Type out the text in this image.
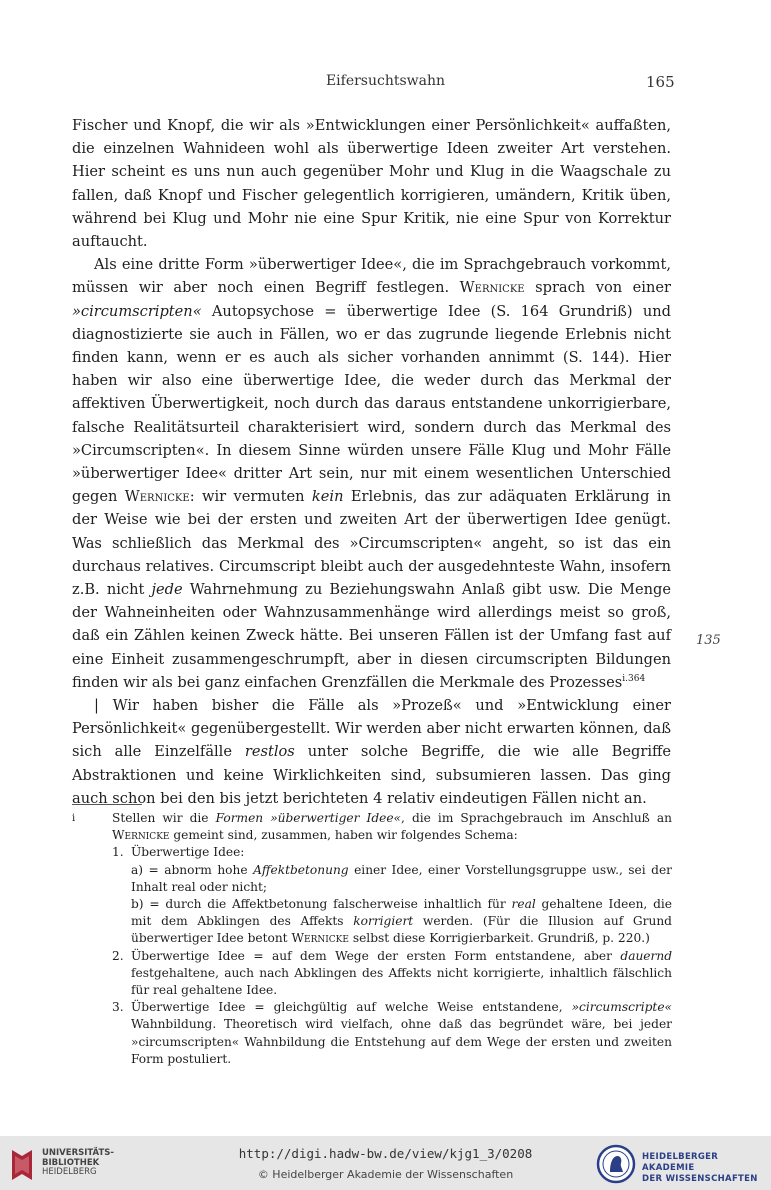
Eifersuchtswahn	165

Fischer und Knopf, die wir als »Entwicklungen einer Persönlichkeit« auffaßten, die einzelnen Wahnideen wohl als überwertige Ideen zweiter Art verstehen. Hier scheint es uns nun auch gegenüber Mohr und Klug in die Waagschale zu fallen, daß Knopf und Fischer gelegentlich korrigieren, umändern, Kritik üben, während bei Klug und Mohr nie eine Spur Kritik, nie eine Spur von Korrektur auftaucht.

Als eine dritte Form »überwertiger Idee«, die im Sprachgebrauch vorkommt, müssen wir aber noch einen Begriff festlegen. Wernicke sprach von einer »circumscripten« Autopsychose = überwertige Idee (S. 164 Grundriß) und diagnostizierte sie auch in Fällen, wo er das zugrunde liegende Erlebnis nicht finden kann, wenn er es auch als sicher vorhanden annimmt (S. 144). Hier haben wir also eine überwertige Idee, die weder durch das Merkmal der affektiven Überwertigkeit, noch durch das daraus entstandene unkorrigierbare, falsche Realitätsurteil charakterisiert wird, sondern durch das Merkmal des »Circumscripten«. In diesem Sinne würden unsere Fälle Klug und Mohr Fälle »überwertiger Idee« dritter Art sein, nur mit einem wesentlichen Unterschied gegen Wernicke: wir vermuten kein Erlebnis, das zur adäquaten Erklärung in der Weise wie bei der ersten und zweiten Art der überwertigen Idee genügt. Was schließlich das Merkmal des »Circumscripten« angeht, so ist das ein durchaus relatives. Circumscript bleibt auch der ausgedehnteste Wahn, insofern z.B. nicht jede Wahrnehmung zu Beziehungswahn Anlaß gibt usw. Die Menge der Wahneinheiten oder Wahnzusammenhänge wird allerdings meist so groß, daß ein Zählen keinen Zweck hätte. Bei unseren Fällen ist der Umfang fast auf eine Einheit zusammengeschrumpft, aber in diesen circumscripten Bildungen finden wir als bei ganz einfachen Grenzfällen die Merkmale des Prozesses$^{i.364}$

| Wir haben bisher die Fälle als »Prozeß« und »Entwicklung einer Persönlichkeit« gegenübergestellt. Wir werden aber nicht erwarten können, daß sich alle Einzelfälle restlos unter solche Begriffe, die wie alle Begriffe Abstraktionen und keine Wirklichkeiten sind, subsumieren lassen. Das ging auch schon bei den bis jetzt berichteten 4 relativ eindeutigen Fällen nicht an.

135
i	Stellen wir die Formen »überwertiger Idee«, die im Sprachgebrauch im Anschluß an Wernicke gemeint sind, zusammen, haben wir folgendes Schema:
1. Überwertige Idee:
a) = abnorm hohe Affektbetonung einer Idee, einer Vorstellungsgruppe usw., sei der Inhalt real oder nicht;
b) = durch die Affektbetonung falscherweise inhaltlich für real gehaltene Ideen, die mit dem Abklingen des Affekts korrigiert werden. (Für die Illusion auf Grund überwertiger Idee betont Wernicke selbst diese Korrigierbarkeit. Grundriß, p. 220.)
2. Überwertige Idee = auf dem Wege der ersten Form entstandene, aber dauernd festgehaltene, auch nach Abklingen des Affekts nicht korrigierte, inhaltlich fälschlich für real gehaltene Idee.
3. Überwertige Idee = gleichgültig auf welche Weise entstandene, »circumscripte« Wahnbildung. Theoretisch wird vielfach, ohne daß das begründet wäre, bei jeder »circumscripten« Wahnbildung die Entstehung auf dem Wege der ersten und zweiten Form postuliert.
UNIVERSITÄTS-
BIBLIOTHEK
HEIDELBERG
http://digi.hadw-bw.de/view/kjg1_3/0208
© Heidelberger Akademie der Wissenschaften
HEIDELBERGER AKADEMIE
DER WISSENSCHAFTEN
